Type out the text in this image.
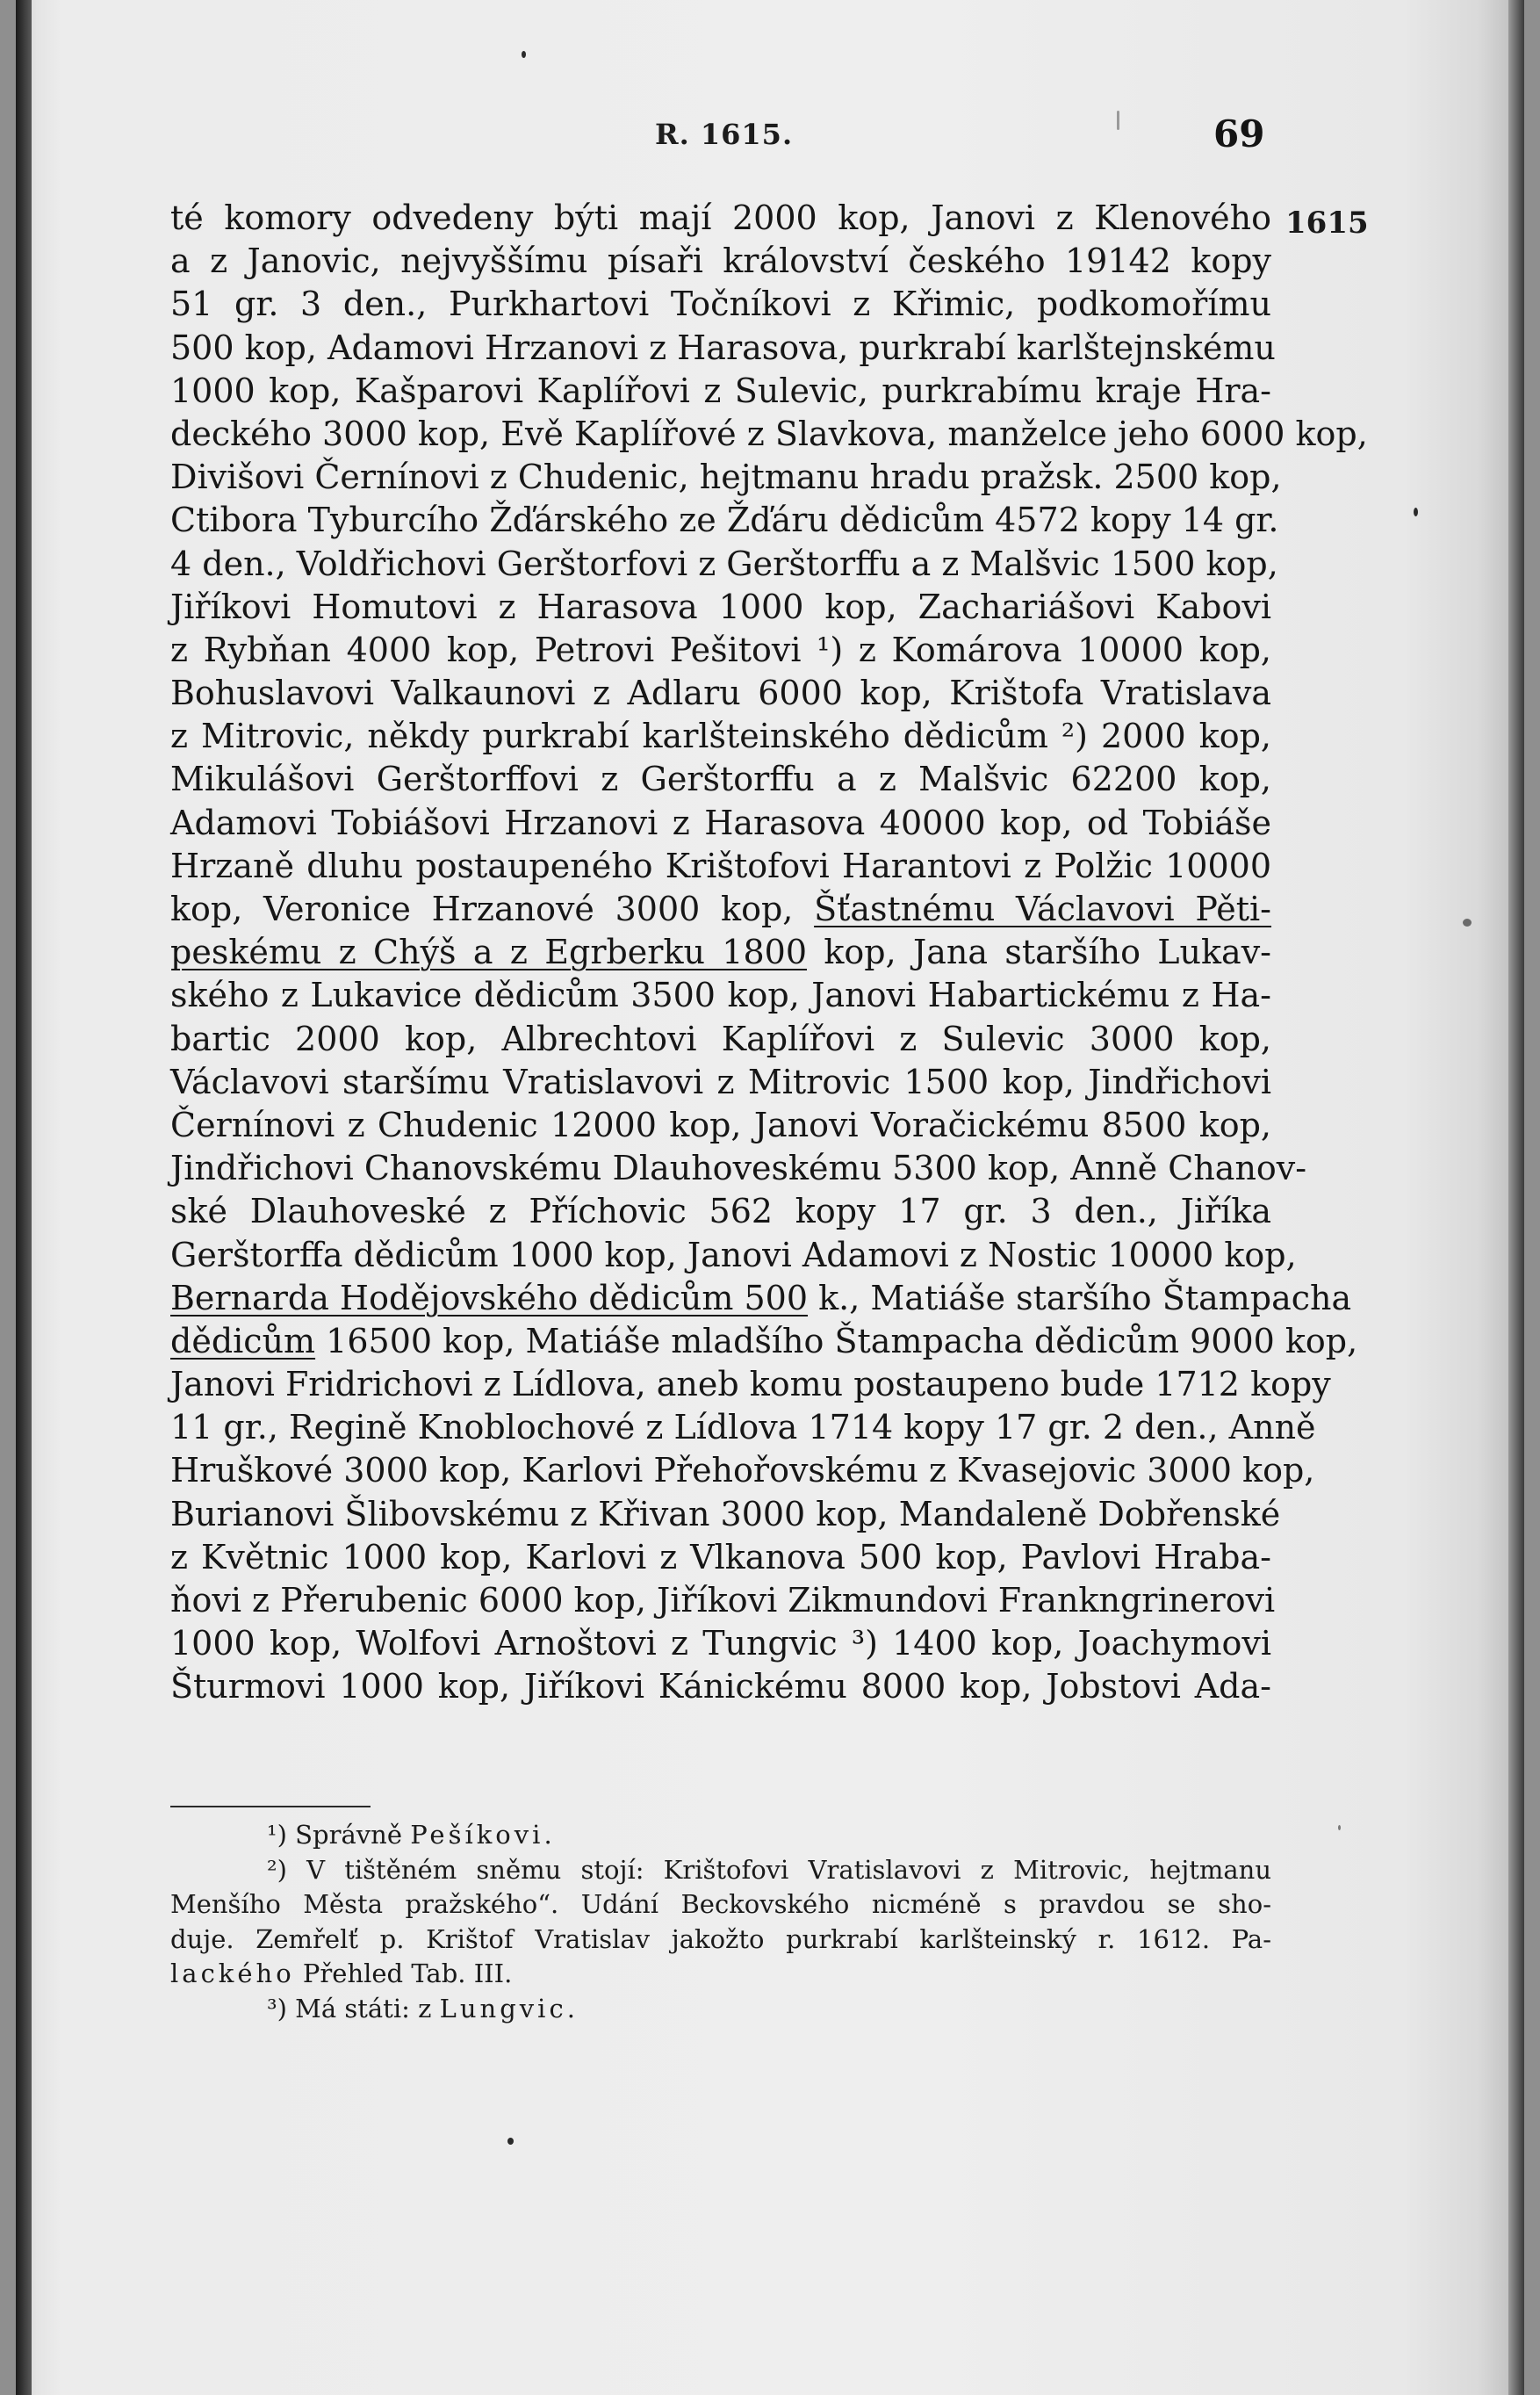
R. 1615.	69
1615
té komory odvedeny býti mají 2000 kop, Janovi z Klenového
a z Janovic, nejvyššímu písaři království českého 19142 kopy
51 gr. 3 den., Purkhartovi Točníkovi z Křimic, podkomořímu
500 kop, Adamovi Hrzanovi z Harasova, purkrabí karlštejnskému
1000 kop, Kašparovi Kaplířovi z Sulevic, purkrabímu kraje Hra-
deckého 3000 kop, Evě Kaplířové z Slavkova, manželce jeho 6000 kop,
Divišovi Černínovi z Chudenic, hejtmanu hradu pražsk. 2500 kop,
Ctibora Tyburcího Žďárského ze Žďáru dědicům 4572 kopy 14 gr.
4 den., Voldřichovi Gerštorfovi z Gerštorffu a z Malšvic 1500 kop,
Jiříkovi Homutovi z Harasova 1000 kop, Zachariášovi Kabovi
z Rybňan 4000 kop, Petrovi Pešitovi ¹) z Komárova 10000 kop,
Bohuslavovi Valkaunovi z Adlaru 6000 kop, Krištofa Vratislava
z Mitrovic, někdy purkrabí karlšteinského dědicům ²) 2000 kop,
Mikulášovi Gerštorffovi z Gerštorffu a z Malšvic 62200 kop,
Adamovi Tobiášovi Hrzanovi z Harasova 40000 kop, od Tobiáše
Hrzaně dluhu postaupeného Krištofovi Harantovi z Polžic 10000
kop, Veronice Hrzanové 3000 kop, Šťastnému Václavovi Pěti-
peskému z Chýš a z Egrberku 1800 kop, Jana staršího Lukav-
ského z Lukavice dědicům 3500 kop, Janovi Habartickému z Ha-
bartic 2000 kop, Albrechtovi Kaplířovi z Sulevic 3000 kop,
Václavovi staršímu Vratislavovi z Mitrovic 1500 kop, Jindřichovi
Černínovi z Chudenic 12000 kop, Janovi Voračickému 8500 kop,
Jindřichovi Chanovskému Dlauhoveskému 5300 kop, Anně Chanov-
ské Dlauhoveské z Příchovic 562 kopy 17 gr. 3 den., Jiříka
Gerštorffa dědicům 1000 kop, Janovi Adamovi z Nostic 10000 kop,
Bernarda Hodějovského dědicům 500 k., Matiáše staršího Štampacha
dědicům 16500 kop, Matiáše mladšího Štampacha dědicům 9000 kop,
Janovi Fridrichovi z Lídlova, aneb komu postaupeno bude 1712 kopy
11 gr., Regině Knoblochové z Lídlova 1714 kopy 17 gr. 2 den., Anně
Hruškové 3000 kop, Karlovi Přehořovskému z Kvasejovic 3000 kop,
Burianovi Šlibovskému z Křivan 3000 kop, Mandaleně Dobřenské
z Květnic 1000 kop, Karlovi z Vlkanova 500 kop, Pavlovi Hraba-
ňovi z Přerubenic 6000 kop, Jiříkovi Zikmundovi Frankngrinerovi
1000 kop, Wolfovi Arnoštovi z Tungvic ³) 1400 kop, Joachymovi
Šturmovi 1000 kop, Jiříkovi Kánickému 8000 kop, Jobstovi Ada-
¹) Správně Pešíkovi.
²) V tištěném sněmu stojí: Krištofovi Vratislavovi z Mitrovic, hejtmanu
Menšího Města pražského“. Udání Beckovského nicméně s pravdou se sho-
duje. Zemřelť p. Krištof Vratislav jakožto purkrabí karlšteinský r. 1612. Pa-
lackého Přehled Tab. III.
³) Má státi: z Lungvic.
